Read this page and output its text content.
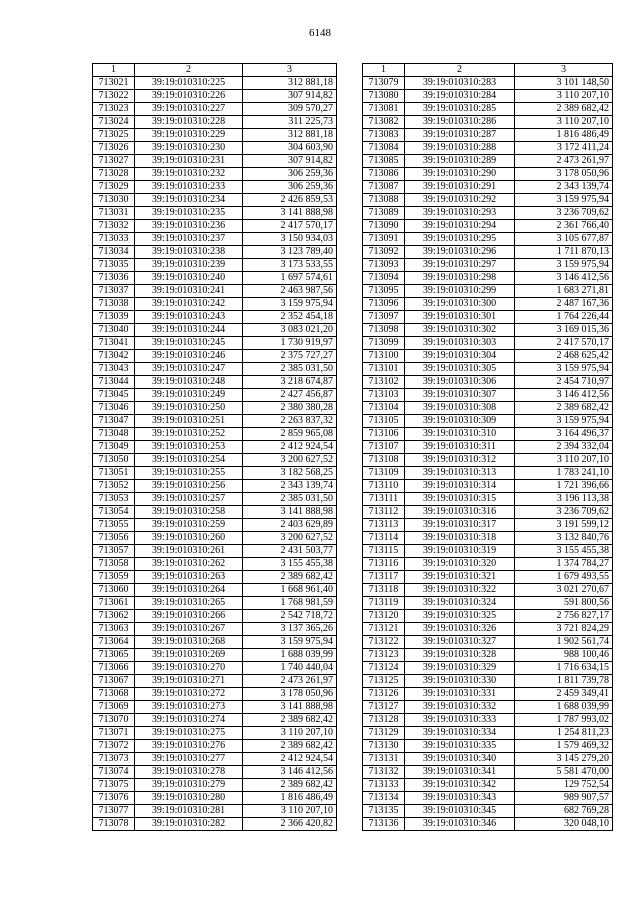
6148
1	2	3
713021	39:19:010310:225	312 881,18
713022	39:19:010310:226	307 914,82
713023	39:19:010310:227	309 570,27
713024	39:19:010310:228	311 225,73
713025	39:19:010310:229	312 881,18
713026	39:19:010310:230	304 603,90
713027	39:19:010310:231	307 914,82
713028	39:19:010310:232	306 259,36
713029	39:19:010310:233	306 259,36
713030	39:19:010310:234	2 426 859,53
713031	39:19:010310:235	3 141 888,98
713032	39:19:010310:236	2 417 570,17
713033	39:19:010310:237	3 150 934,03
713034	39:19:010310:238	3 123 789,40
713035	39:19:010310:239	3 173 533,55
713036	39:19:010310:240	1 697 574,61
713037	39:19:010310:241	2 463 987,56
713038	39:19:010310:242	3 159 975,94
713039	39:19:010310:243	2 352 454,18
713040	39:19:010310:244	3 083 021,20
713041	39:19:010310:245	1 730 919,97
713042	39:19:010310:246	2 375 727,27
713043	39:19:010310:247	2 385 031,50
713044	39:19:010310:248	3 218 674,87
713045	39:19:010310:249	2 427 456,87
713046	39:19:010310:250	2 380 380,28
713047	39:19:010310:251	2 263 837,32
713048	39:19:010310:252	2 859 965,08
713049	39:19:010310:253	2 412 924,54
713050	39:19:010310:254	3 200 627,52
713051	39:19:010310:255	3 182 568,25
713052	39:19:010310:256	2 343 139,74
713053	39:19:010310:257	2 385 031,50
713054	39:19:010310:258	3 141 888,98
713055	39:19:010310:259	2 403 629,89
713056	39:19:010310:260	3 200 627,52
713057	39:19:010310:261	2 431 503,77
713058	39:19:010310:262	3 155 455,38
713059	39:19:010310:263	2 389 682,42
713060	39:19:010310:264	1 668 961,40
713061	39:19:010310:265	1 768 981,59
713062	39:19:010310:266	2 542 718,72
713063	39:19:010310:267	3 137 365,26
713064	39:19:010310:268	3 159 975,94
713065	39:19:010310:269	1 688 039,99
713066	39:19:010310:270	1 740 440,04
713067	39:19:010310:271	2 473 261,97
713068	39:19:010310:272	3 178 050,96
713069	39:19:010310:273	3 141 888,98
713070	39:19:010310:274	2 389 682,42
713071	39:19:010310:275	3 110 207,10
713072	39:19:010310:276	2 389 682,42
713073	39:19:010310:277	2 412 924,54
713074	39:19:010310:278	3 146 412,56
713075	39:19:010310:279	2 389 682,42
713076	39:19:010310:280	1 816 486,49
713077	39:19:010310:281	3 110 207,10
713078	39:19:010310:282	2 366 420,82
1	2	3
713079	39:19:010310:283	3 101 148,50
713080	39:19:010310:284	3 110 207,10
713081	39:19:010310:285	2 389 682,42
713082	39:19:010310:286	3 110 207,10
713083	39:19:010310:287	1 816 486,49
713084	39:19:010310:288	3 172 411,24
713085	39:19:010310:289	2 473 261,97
713086	39:19:010310:290	3 178 050,96
713087	39:19:010310:291	2 343 139,74
713088	39:19:010310:292	3 159 975,94
713089	39:19:010310:293	3 236 709,62
713090	39:19:010310:294	2 361 766,40
713091	39:19:010310:295	3 105 677,87
713092	39:19:010310:296	1 711 870,13
713093	39:19:010310:297	3 159 975,94
713094	39:19:010310:298	3 146 412,56
713095	39:19:010310:299	1 683 271,81
713096	39:19:010310:300	2 487 167,36
713097	39:19:010310:301	1 764 226,44
713098	39:19:010310:302	3 169 015,36
713099	39:19:010310:303	2 417 570,17
713100	39:19:010310:304	2 468 625,42
713101	39:19:010310:305	3 159 975,94
713102	39:19:010310:306	2 454 710,97
713103	39:19:010310:307	3 146 412,56
713104	39:19:010310:308	2 389 682,42
713105	39:19:010310:309	3 159 975,94
713106	39:19:010310:310	3 164 496,37
713107	39:19:010310:311	2 394 332,04
713108	39:19:010310:312	3 110 207,10
713109	39:19:010310:313	1 783 241,10
713110	39:19:010310:314	1 721 396,66
713111	39:19:010310:315	3 196 113,38
713112	39:19:010310:316	3 236 709,62
713113	39:19:010310:317	3 191 599,12
713114	39:19:010310:318	3 132 840,76
713115	39:19:010310:319	3 155 455,38
713116	39:19:010310:320	1 374 784,27
713117	39:19:010310:321	1 679 493,55
713118	39:19:010310:322	3 021 270,67
713119	39:19:010310:324	591 800,56
713120	39:19:010310:325	2 756 827,17
713121	39:19:010310:326	3 721 824,29
713122	39:19:010310:327	1 902 561,74
713123	39:19:010310:328	988 100,46
713124	39:19:010310:329	1 716 634,15
713125	39:19:010310:330	1 811 739,78
713126	39:19:010310:331	2 459 349,41
713127	39:19:010310:332	1 688 039,99
713128	39:19:010310:333	1 787 993,02
713129	39:19:010310:334	1 254 811,23
713130	39:19:010310:335	1 579 469,32
713131	39:19:010310:340	3 145 279,20
713132	39:19:010310:341	5 581 470,00
713133	39:19:010310:342	129 752,54
713134	39:19:010310:343	989 907,57
713135	39:19:010310:345	682 769,28
713136	39:19:010310:346	320 048,10
